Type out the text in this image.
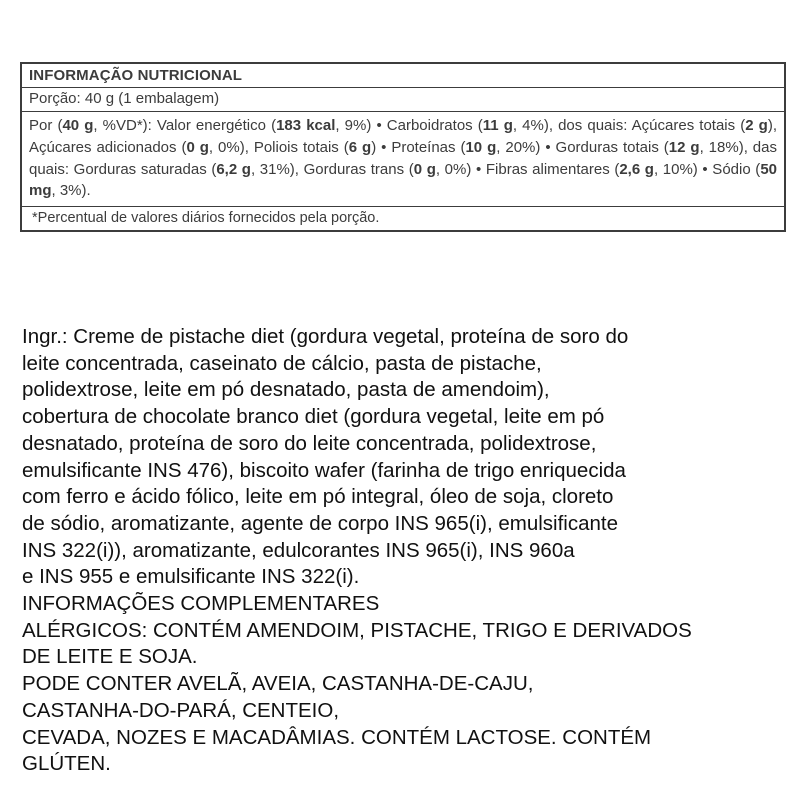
INFORMAÇÃO NUTRICIONAL
Porção: 40 g (1 embalagem)
Por (40 g, %VD*): Valor energético (183 kcal, 9%) • Carboidratos (11 g, 4%), dos quais: Açúcares totais (2 g), Açúcares adicionados (0 g, 0%), Poliois totais (6 g) • Proteínas (10 g, 20%) • Gorduras totais (12 g, 18%), das quais: Gorduras saturadas (6,2 g, 31%), Gorduras trans (0 g, 0%) • Fibras alimentares (2,6 g, 10%) • Sódio (50 mg, 3%).
*Percentual de valores diários fornecidos pela porção.
Ingr.: Creme de pistache diet (gordura vegetal, proteína de soro do
leite concentrada, caseinato de cálcio, pasta de pistache,
polidextrose, leite em pó desnatado, pasta de amendoim),
cobertura de chocolate branco diet (gordura vegetal, leite em pó
desnatado, proteína de soro do leite concentrada, polidextrose,
emulsificante INS 476), biscoito wafer (farinha de trigo enriquecida
com ferro e ácido fólico, leite em pó integral, óleo de soja, cloreto
de sódio, aromatizante, agente de corpo INS 965(i), emulsificante
INS 322(i)), aromatizante, edulcorantes INS 965(i), INS 960a
e INS 955 e emulsificante INS 322(i).
INFORMAÇÕES COMPLEMENTARES
ALÉRGICOS: CONTÉM AMENDOIM, PISTACHE, TRIGO E DERIVADOS
DE LEITE E SOJA.
PODE CONTER AVELÃ, AVEIA, CASTANHA-DE-CAJU,
CASTANHA-DO-PARÁ, CENTEIO,
CEVADA, NOZES E MACADÂMIAS. CONTÉM LACTOSE. CONTÉM
GLÚTEN.
